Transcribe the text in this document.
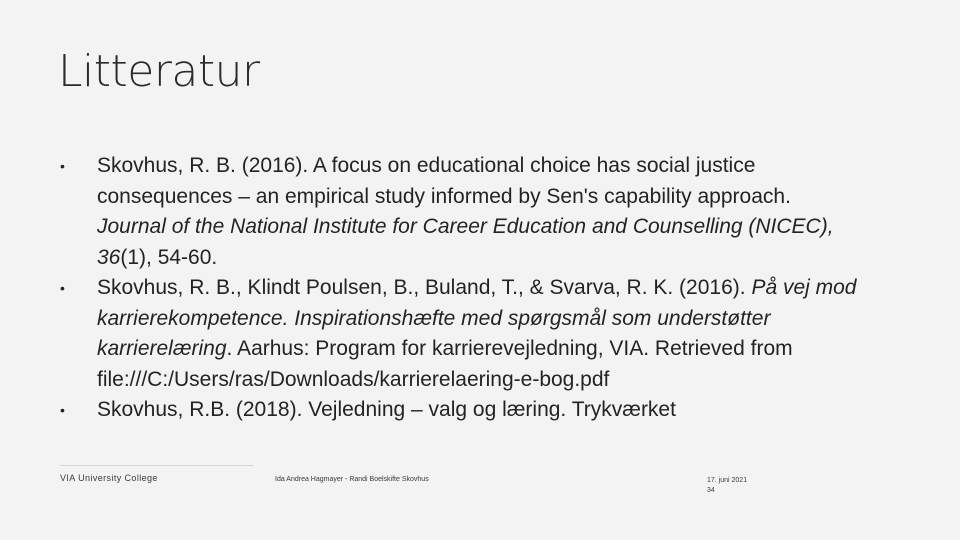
Litteratur
• Skovhus, R. B. (2016). A focus on educational choice has social justice consequences – an empirical study informed by Sen's capability approach. Journal of the National Institute for Career Education and Counselling (NICEC), 36(1), 54-60.
• Skovhus, R. B., Klindt Poulsen, B., Buland, T., & Svarva, R. K. (2016). På vej mod karrierekompetence. Inspirationshæfte med spørgsmål som understøtter karrierelæring. Aarhus: Program for karrierevejledning, VIA. Retrieved from file:///C:/Users/ras/Downloads/karrierelaering-e-bog.pdf
• Skovhus, R.B. (2018). Vejledning – valg og læring. Trykværket
VIA University College	Ida Andrea Hagmayer - Randi Boelskifte Skovhus	17. juni 2021
34
